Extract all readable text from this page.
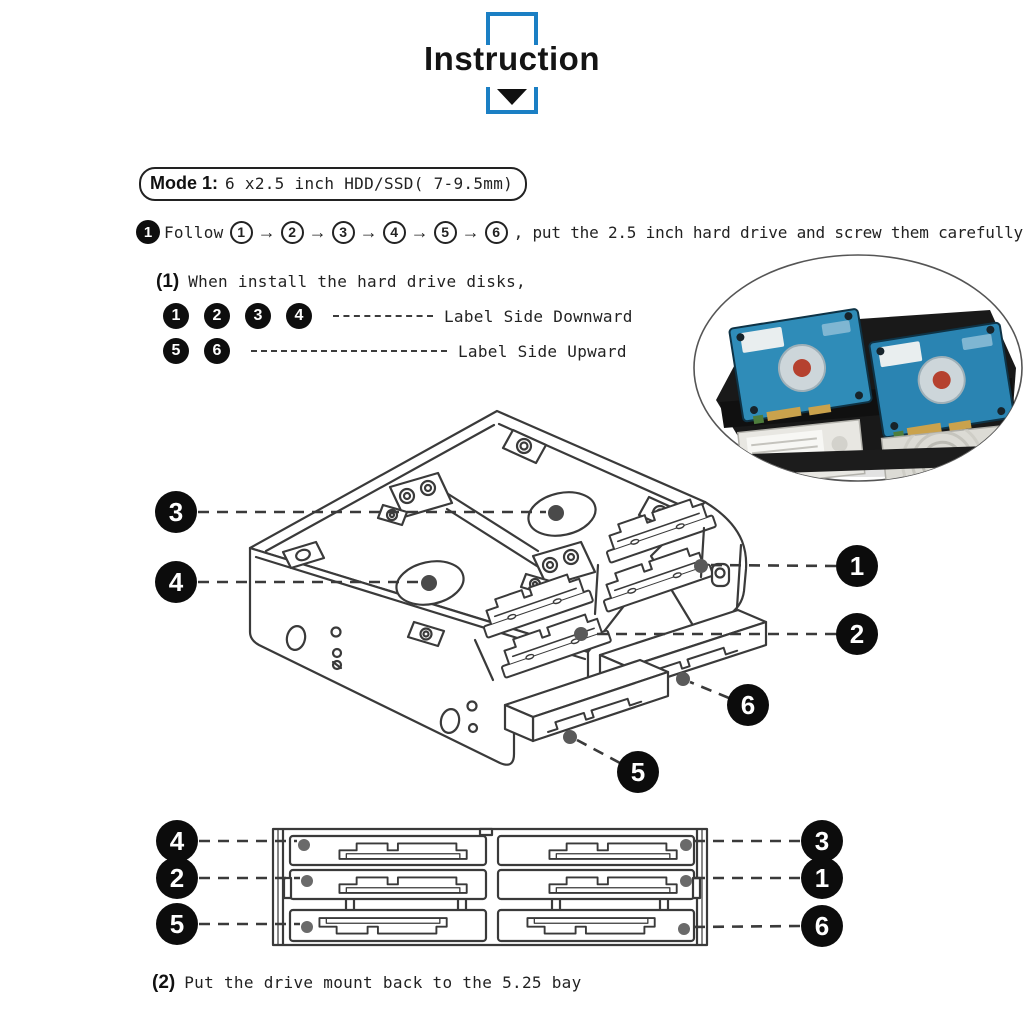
Instruction
Mode 1: 6 x2.5 inch HDD/SSD( 7-9.5mm)
1 Follow 1 → 2 → 3 → 4 → 5 → 6 , put the 2.5 inch hard drive and screw them carefully
(1) When install the hard drive disks,
1	2	3	4	Label Side Downward
5	6	Label Side Upward
3
4
1
2
6
5
4
2
5
3
1
6
(2) Put the drive mount back to the 5.25 bay
